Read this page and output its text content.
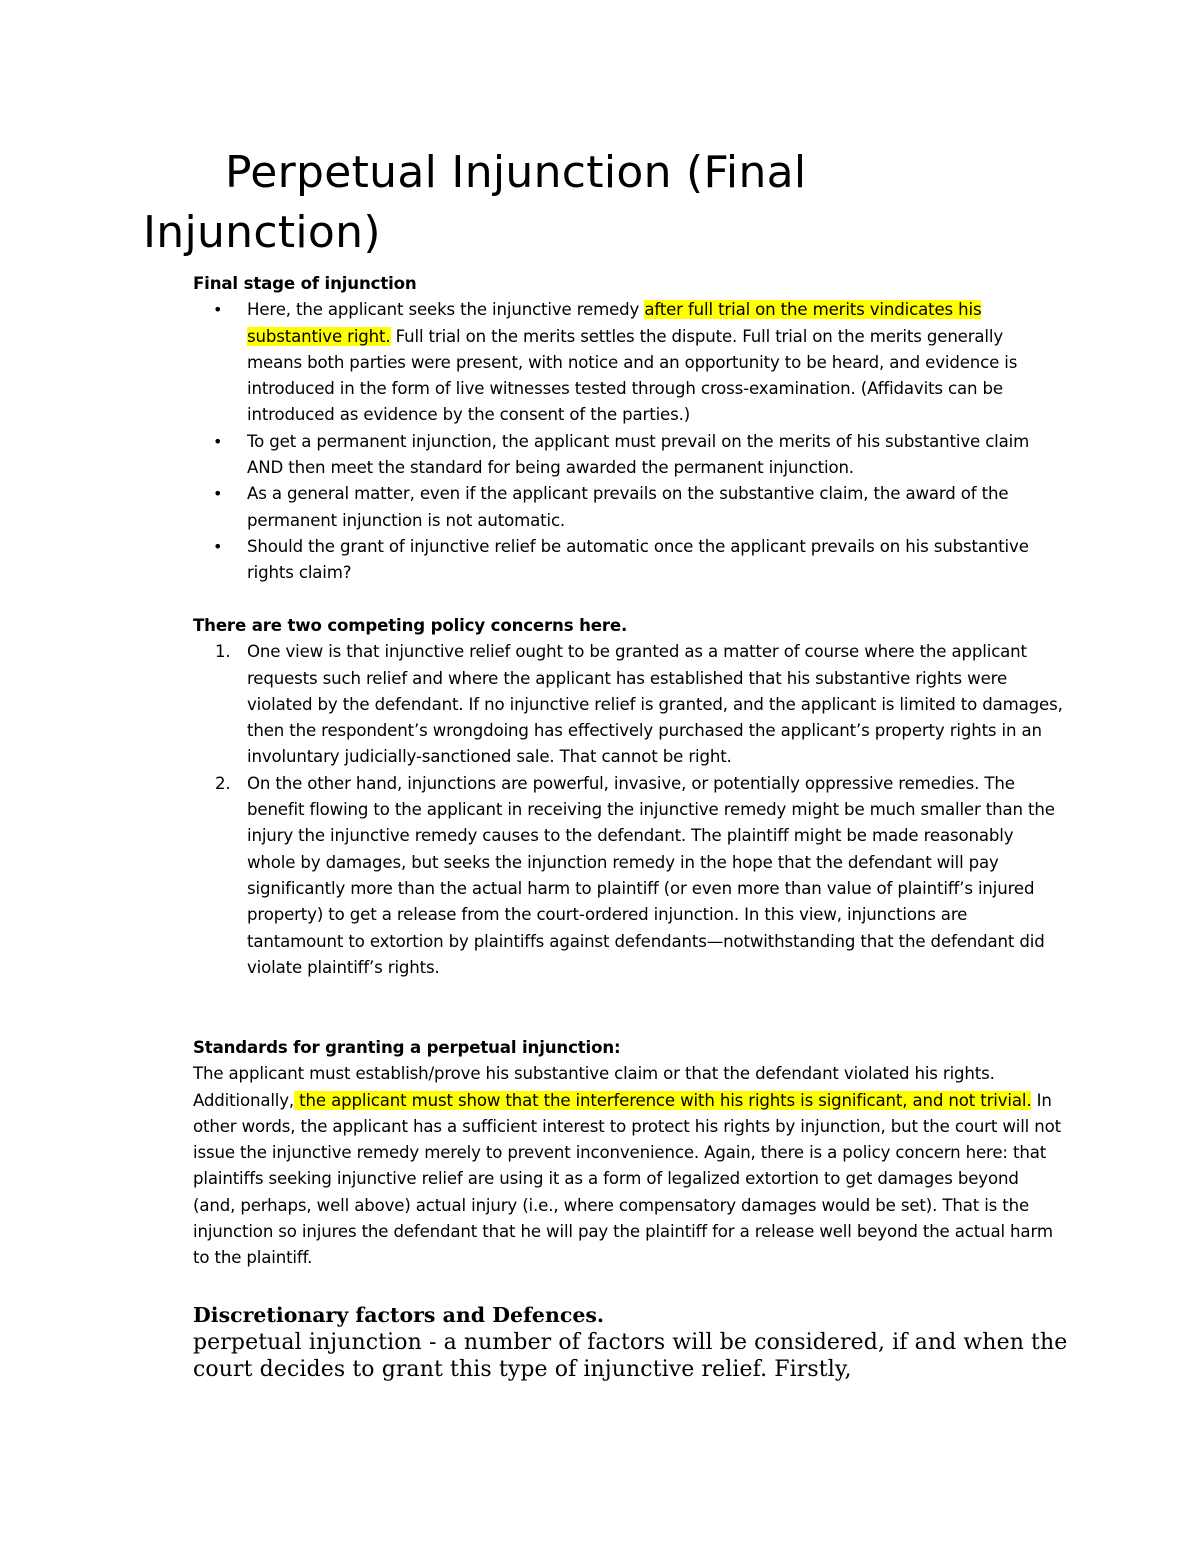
Perpetual Injunction (Final Injunction)
Final stage of injunction
• Here, the applicant seeks the injunctive remedy after full trial on the merits vindicates his substantive right. Full trial on the merits settles the dispute. Full trial on the merits generally means both parties were present, with notice and an opportunity to be heard, and evidence is introduced in the form of live witnesses tested through cross-examination. (Affidavits can be introduced as evidence by the consent of the parties.)
• To get a permanent injunction, the applicant must prevail on the merits of his substantive claim AND then meet the standard for being awarded the permanent injunction.
• As a general matter, even if the applicant prevails on the substantive claim, the award of the permanent injunction is not automatic.
• Should the grant of injunctive relief be automatic once the applicant prevails on his substantive rights claim?
There are two competing policy concerns here.
1. One view is that injunctive relief ought to be granted as a matter of course where the applicant requests such relief and where the applicant has established that his substantive rights were violated by the defendant. If no injunctive relief is granted, and the applicant is limited to damages, then the respondent’s wrongdoing has effectively purchased the applicant’s property rights in an involuntary judicially-sanctioned sale. That cannot be right.
2. On the other hand, injunctions are powerful, invasive, or potentially oppressive remedies. The benefit flowing to the applicant in receiving the injunctive remedy might be much smaller than the injury the injunctive remedy causes to the defendant. The plaintiff might be made reasonably whole by damages, but seeks the injunction remedy in the hope that the defendant will pay significantly more than the actual harm to plaintiff (or even more than value of plaintiff’s injured property) to get a release from the court-ordered injunction. In this view, injunctions are tantamount to extortion by plaintiffs against defendants—notwithstanding that the defendant did violate plaintiff’s rights.
Standards for granting a perpetual injunction:
The applicant must establish/prove his substantive claim or that the defendant violated his rights. Additionally, the applicant must show that the interference with his rights is significant, and not trivial. In other words, the applicant has a sufficient interest to protect his rights by injunction, but the court will not issue the injunctive remedy merely to prevent inconvenience. Again, there is a policy concern here: that plaintiffs seeking injunctive relief are using it as a form of legalized extortion to get damages beyond (and, perhaps, well above) actual injury (i.e., where compensatory damages would be set). That is the injunction so injures the defendant that he will pay the plaintiff for a release well beyond the actual harm to the plaintiff.
Discretionary factors and Defences.
perpetual injunction - a number of factors will be considered, if and when the court decides to grant this type of injunctive relief. Firstly,
